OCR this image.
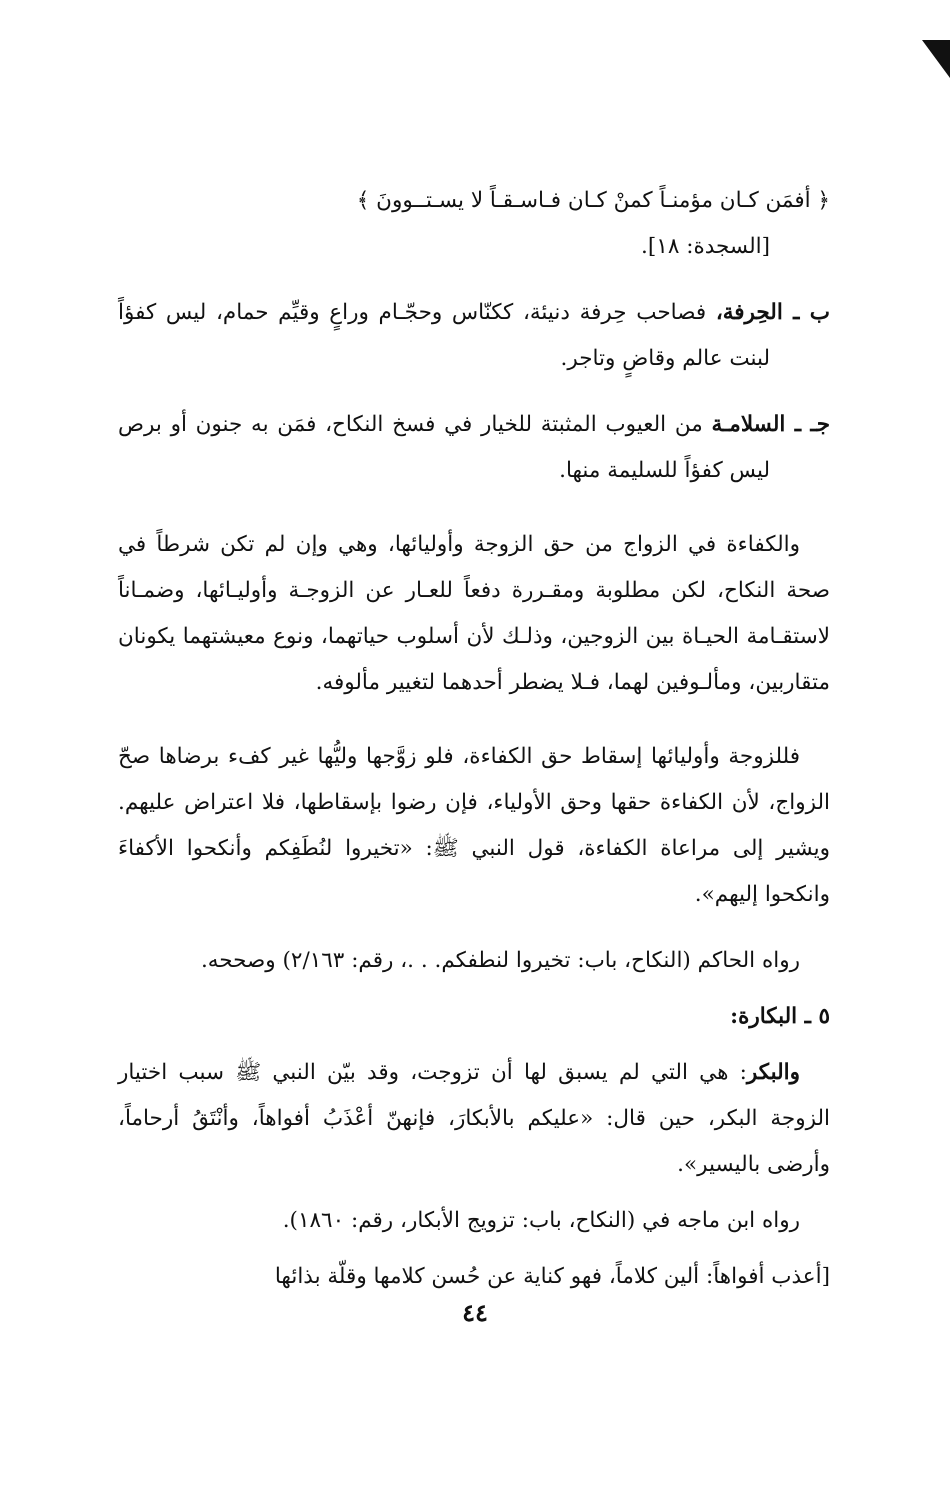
﴿ أفمَن كـان مؤمنـاً كمنْ كـان فـاسـقـاً لا يسـتــوونَ ﴾
[السجدة: ١٨].

ب ـ الحِرفة، فصاحب حِرفة دنيئة، ككنّاس وحجّـام وراعٍ وقيِّم حمام، ليس كفؤاً لبنت عالم وقاضٍ وتاجر.

جـ ـ السلامـة من العيوب المثبتة للخيار في فسخ النكاح، فمَن به جنون أو برص ليس كفؤاً للسليمة منها.

والكفاءة في الزواج من حق الزوجة وأوليائها، وهي وإن لم تكن شرطاً في صحة النكاح، لكن مطلوبة ومقـررة دفعاً للعـار عن الزوجـة وأوليـائها، وضمـاناً لاستقـامة الحيـاة بين الزوجين، وذلـك لأن أسلوب حياتهما، ونوع معيشتهما يكونان متقاربين، ومألـوفين لهما، فـلا يضطر أحدهما لتغيير مألوفه.

فللزوجة وأوليائها إسقاط حق الكفاءة، فلو زوَّجها وليُّها غير كفء برضاها صحّ الزواج، لأن الكفاءة حقها وحق الأولياء، فإن رضوا بإسقاطها، فلا اعتراض عليهم. ويشير إلى مراعاة الكفاءة، قول النبي ﷺ: «تخيروا لنُطَفِكم وأنكحوا الأكفاءَ وانكحوا إليهم».

رواه الحاكم (النكاح، باب: تخيروا لنطفكم. . .، رقم: ٢/١٦٣) وصححه.

٥ ـ البكارة:

والبكر: هي التي لم يسبق لها أن تزوجت، وقد بيّن النبي ﷺ سبب اختيار الزوجة البكر، حين قال: «عليكم بالأبكارَ، فإنهنّ أعْذَبُ أفواهاً، وأنْتَقُ أرحاماً، وأرضى باليسير».

رواه ابن ماجه في (النكاح، باب: تزويج الأبكار، رقم: ١٨٦٠).

[أعذب أفواهاً: ألين كلاماً، فهو كناية عن حُسن كلامها وقلّة بذائها

٤٤
